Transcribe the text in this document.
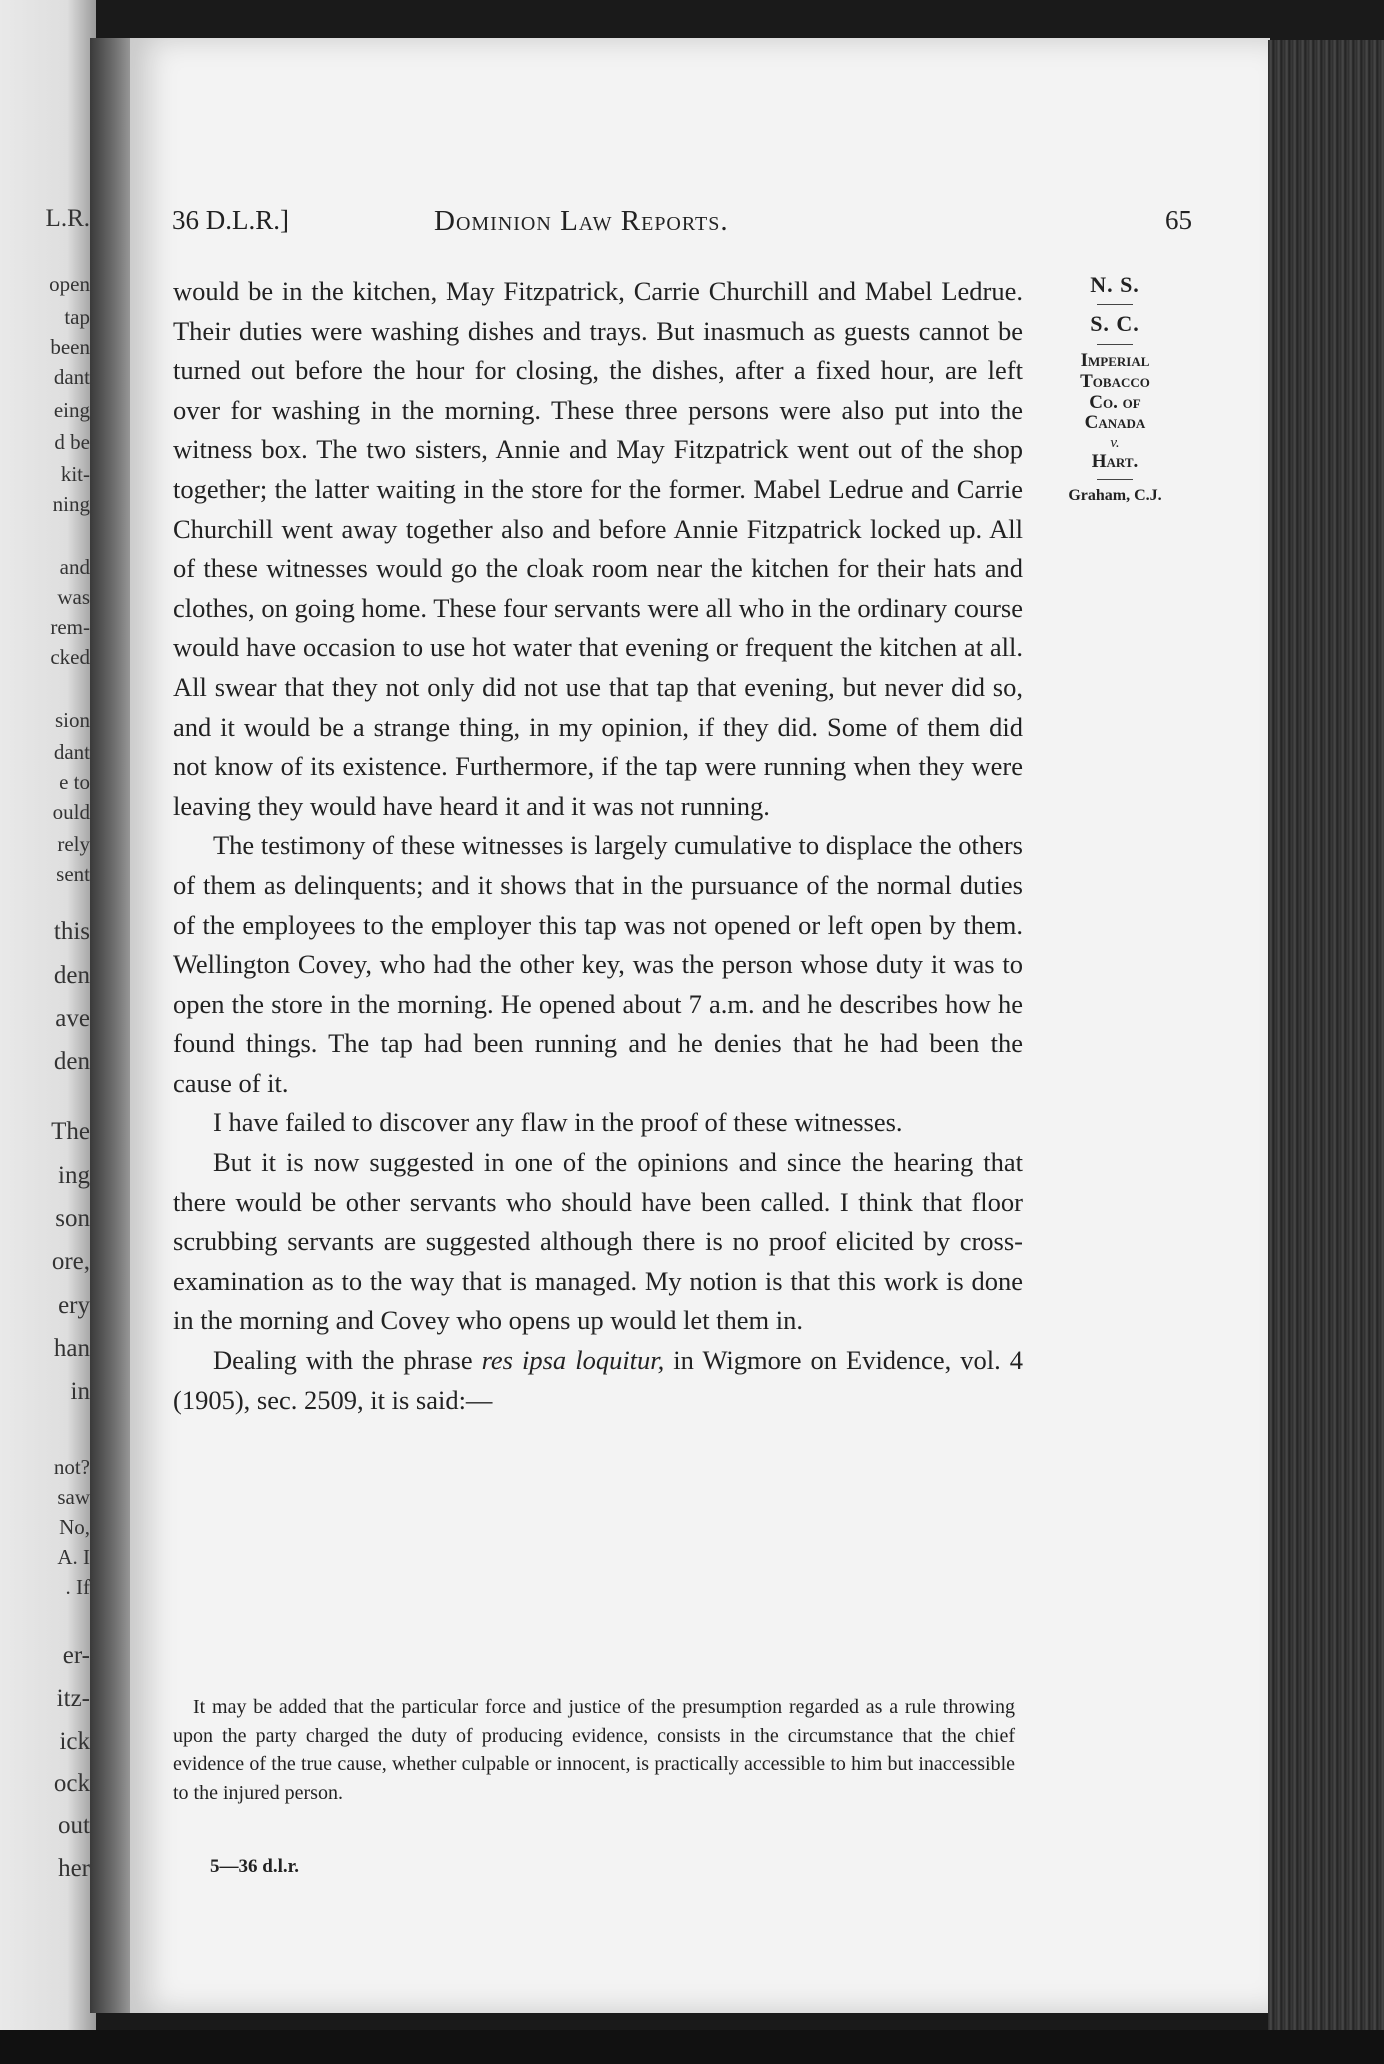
L.R.
open
tap
been
dant
eing
d be
kit-
ning
and
was
rem-
cked
sion
dant
e to
ould
rely
sent
this
den
ave
den
The
ing
son
ore,
ery
han
in
not?
saw
No,
A. I
. If
er-
itz-
ick
ock
out
her
36 D.L.R.]	Dominion Law Reports.	65
N. S.
S. C.
Imperial
Tobacco
Co. of
Canada
v.
Hart.
Graham, C.J.

would be in the kitchen, May Fitzpatrick, Carrie Churchill and Mabel Ledrue. Their duties were washing dishes and trays. But inasmuch as guests cannot be turned out before the hour for closing, the dishes, after a fixed hour, are left over for washing in the morning. These three persons were also put into the witness box. The two sisters, Annie and May Fitzpatrick went out of the shop together; the latter waiting in the store for the former. Mabel Ledrue and Carrie Churchill went away together also and before Annie Fitzpatrick locked up. All of these witnesses would go the cloak room near the kitchen for their hats and clothes, on going home. These four servants were all who in the ordinary course would have occasion to use hot water that evening or frequent the kitchen at all. All swear that they not only did not use that tap that evening, but never did so, and it would be a strange thing, in my opinion, if they did. Some of them did not know of its existence. Furthermore, if the tap were running when they were leaving they would have heard it and it was not running.

The testimony of these witnesses is largely cumulative to displace the others of them as delinquents; and it shows that in the pursuance of the normal duties of the employees to the employer this tap was not opened or left open by them. Wellington Covey, who had the other key, was the person whose duty it was to open the store in the morning. He opened about 7 a.m. and he describes how he found things. The tap had been running and he denies that he had been the cause of it.

I have failed to discover any flaw in the proof of these witnesses.

But it is now suggested in one of the opinions and since the hearing that there would be other servants who should have been called. I think that floor scrubbing servants are suggested although there is no proof elicited by cross-examination as to the way that is managed. My notion is that this work is done in the morning and Covey who opens up would let them in.

Dealing with the phrase res ipsa loquitur, in Wigmore on Evidence, vol. 4 (1905), sec. 2509, it is said:—

It may be added that the particular force and justice of the presumption regarded as a rule throwing upon the party charged the duty of producing evidence, consists in the circumstance that the chief evidence of the true cause, whether culpable or innocent, is practically accessible to him but inaccessible to the injured person.
5—36 d.l.r.
